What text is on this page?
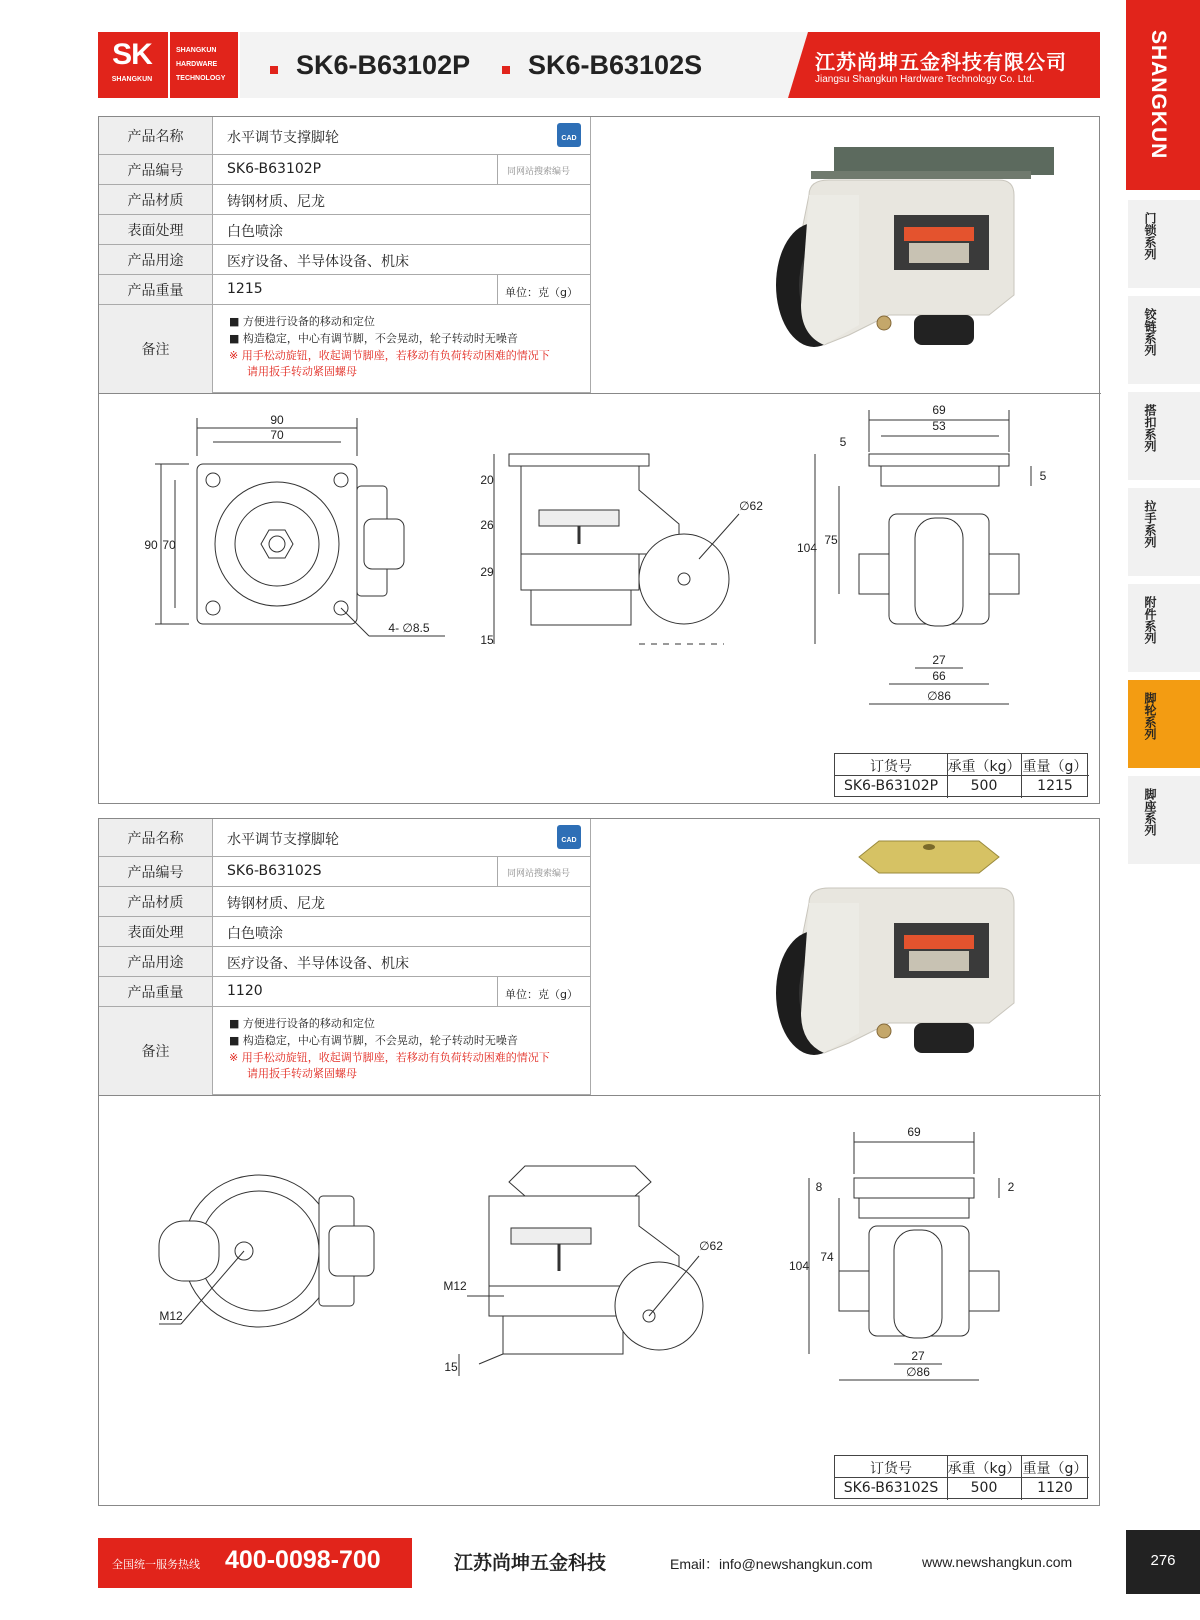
SK
SHANGKUN
SHANGKUN
HARDWARE
TECHNOLOGY	SK6-B63102P SK6-B63102S	江苏尚坤五金科技有限公司
Jiangsu Shangkun Hardware Technology Co. Ltd.	SHANGKUN
门锁系列
铰链系列
搭扣系列
拉手系列
附件系列
脚轮系列
脚座系列
产品名称	水平调节支撑脚轮	CAD
产品编号	SK6-B63102P	同网站搜索编号
产品材质	铸钢材质、尼龙
表面处理	白色喷涂
产品用途	医疗设备、半导体设备、机床
产品重量	1215	单位：克（g）
备注
■ 方便进行设备的移动和定位
■ 构造稳定，中心有调节脚，不会晃动，轮子转动时无噪音
※ 用手松动旋钮，收起调节脚座，若移动有负荷转动困难的情况下
请用扳手转动紧固螺母
90
70
90 70
4- ∅8.5
20
26
29
15
∅62
69
53
5
5
104
75
27
66
∅86
订货号	承重（kg） 重量（g）
SK6-B63102P	500	1215
产品名称	水平调节支撑脚轮	CAD
产品编号	SK6-B63102S	同网站搜索编号
产品材质	铸钢材质、尼龙
表面处理	白色喷涂
产品用途	医疗设备、半导体设备、机床
产品重量	1120	单位：克（g）
备注
■ 方便进行设备的移动和定位
■ 构造稳定，中心有调节脚，不会晃动，轮子转动时无噪音
※ 用手松动旋钮，收起调节脚座，若移动有负荷转动困难的情况下
请用扳手转动紧固螺母
M12
M12
∅62
15
69
8	2
104
74
27
∅86
订货号	承重（kg） 重量（g）
SK6-B63102S	500	1120
全国统一服务热线 400-0098-700	江苏尚坤五金科技	Email：info@newshangkun.com	www.newshangkun.com	276
